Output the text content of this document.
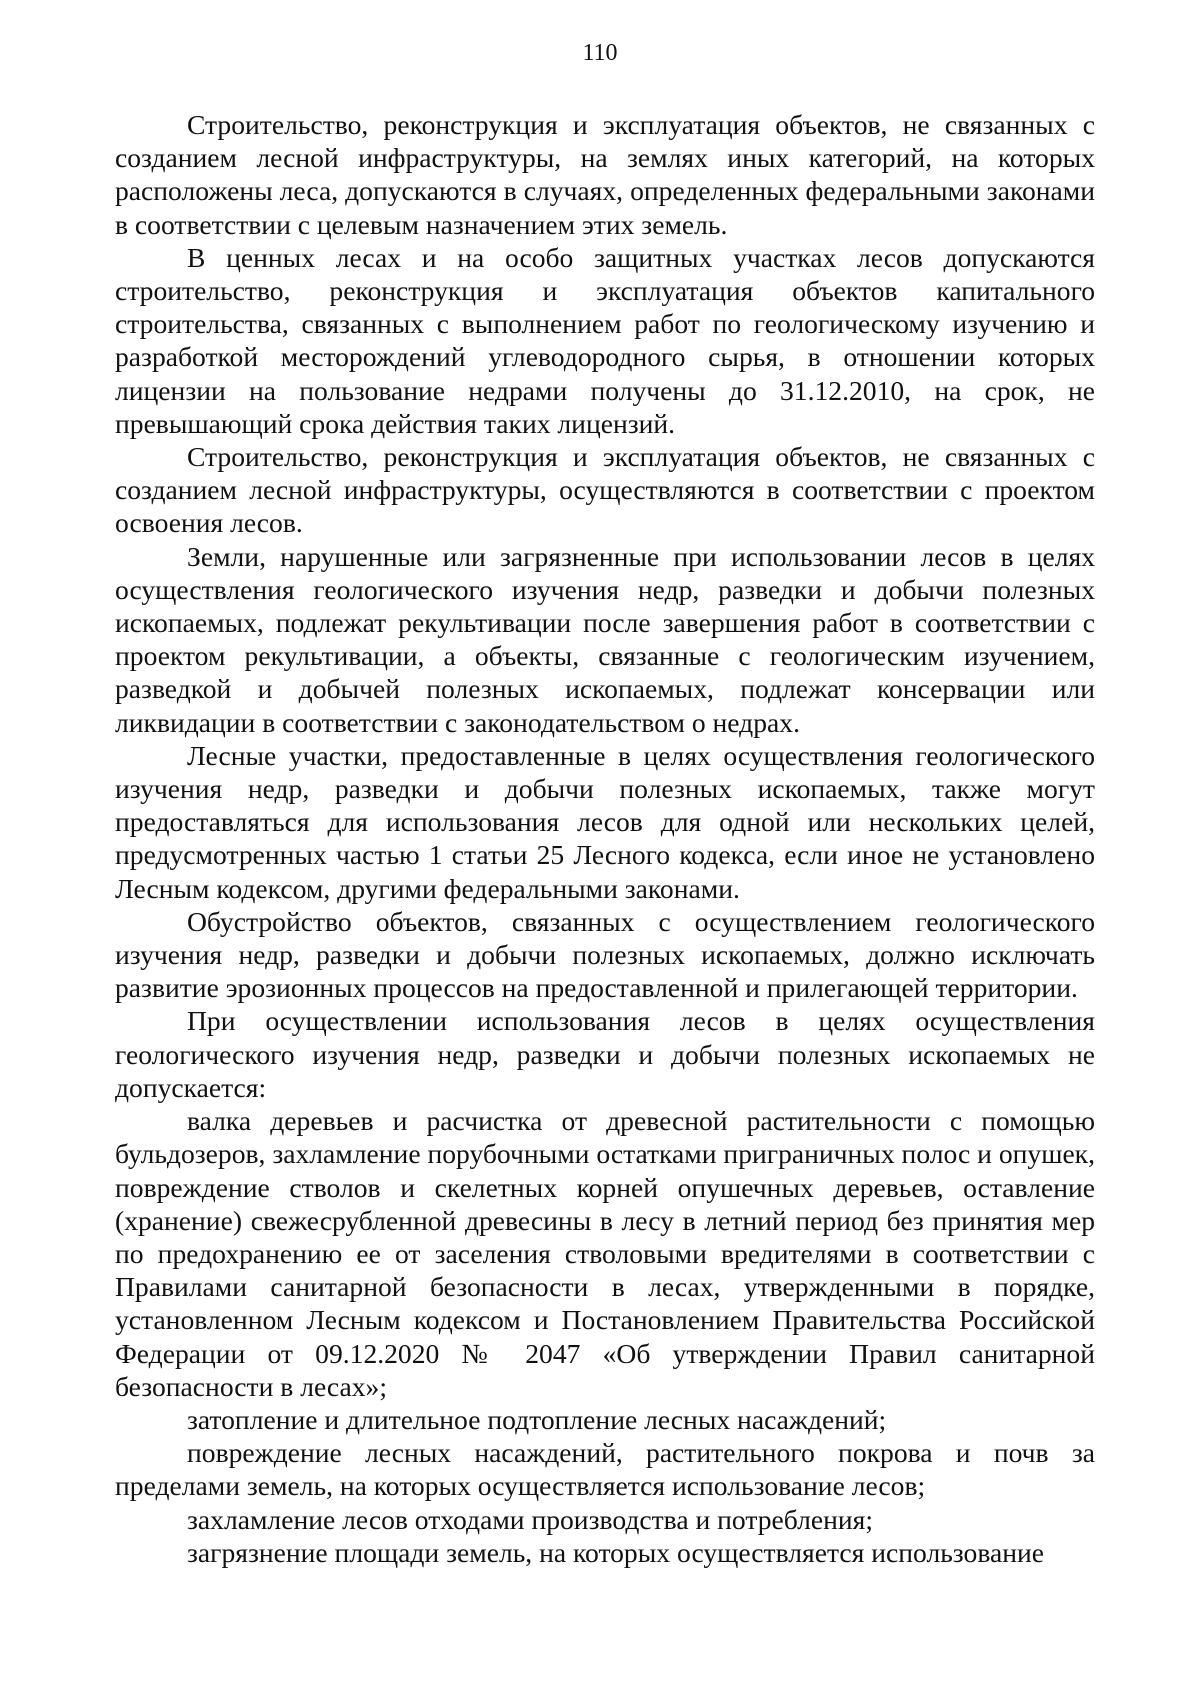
110

Строительство, реконструкция и эксплуатация объектов, не связанных с созданием лесной инфраструктуры, на землях иных категорий, на которых расположены леса, допускаются в случаях, определенных федеральными законами в соответствии с целевым назначением этих земель.

В ценных лесах и на особо защитных участках лесов допускаются строительство, реконструкция и эксплуатация объектов капитального строительства, связанных с выполнением работ по геологическому изучению и разработкой месторождений углеводородного сырья, в отношении которых лицензии на пользование недрами получены до 31.12.2010, на срок, не превышающий срока действия таких лицензий.

Строительство, реконструкция и эксплуатация объектов, не связанных с созданием лесной инфраструктуры, осуществляются в соответствии с проектом освоения лесов.

Земли, нарушенные или загрязненные при использовании лесов в целях осуществления геологического изучения недр, разведки и добычи полезных ископаемых, подлежат рекультивации после завершения работ в соответствии с проектом рекультивации, а объекты, связанные с геологическим изучением, разведкой и добычей полезных ископаемых, подлежат консервации или ликвидации в соответствии с законодательством о недрах.

Лесные участки, предоставленные в целях осуществления геологического изучения недр, разведки и добычи полезных ископаемых, также могут предоставляться для использования лесов для одной или нескольких целей, предусмотренных частью 1 статьи 25 Лесного кодекса, если иное не установлено Лесным кодексом, другими федеральными законами.

Обустройство объектов, связанных с осуществлением геологического изучения недр, разведки и добычи полезных ископаемых, должно исключать развитие эрозионных процессов на предоставленной и прилегающей территории.

При осуществлении использования лесов в целях осуществления геологического изучения недр, разведки и добычи полезных ископаемых не допускается:

валка деревьев и расчистка от древесной растительности с помощью бульдозеров, захламление порубочными остатками приграничных полос и опушек, повреждение стволов и скелетных корней опушечных деревьев, оставление (хранение) свежесрубленной древесины в лесу в летний период без принятия мер по предохранению ее от заселения стволовыми вредителями в соответствии с Правилами санитарной безопасности в лесах, утвержденными в порядке, установленном Лесным кодексом и Постановлением Правительства Российской Федерации от 09.12.2020 № 2047 «Об утверждении Правил санитарной безопасности в лесах»;

затопление и длительное подтопление лесных насаждений;

повреждение лесных насаждений, растительного покрова и почв за пределами земель, на которых осуществляется использование лесов;

захламление лесов отходами производства и потребления;

загрязнение площади земель, на которых осуществляется использование
